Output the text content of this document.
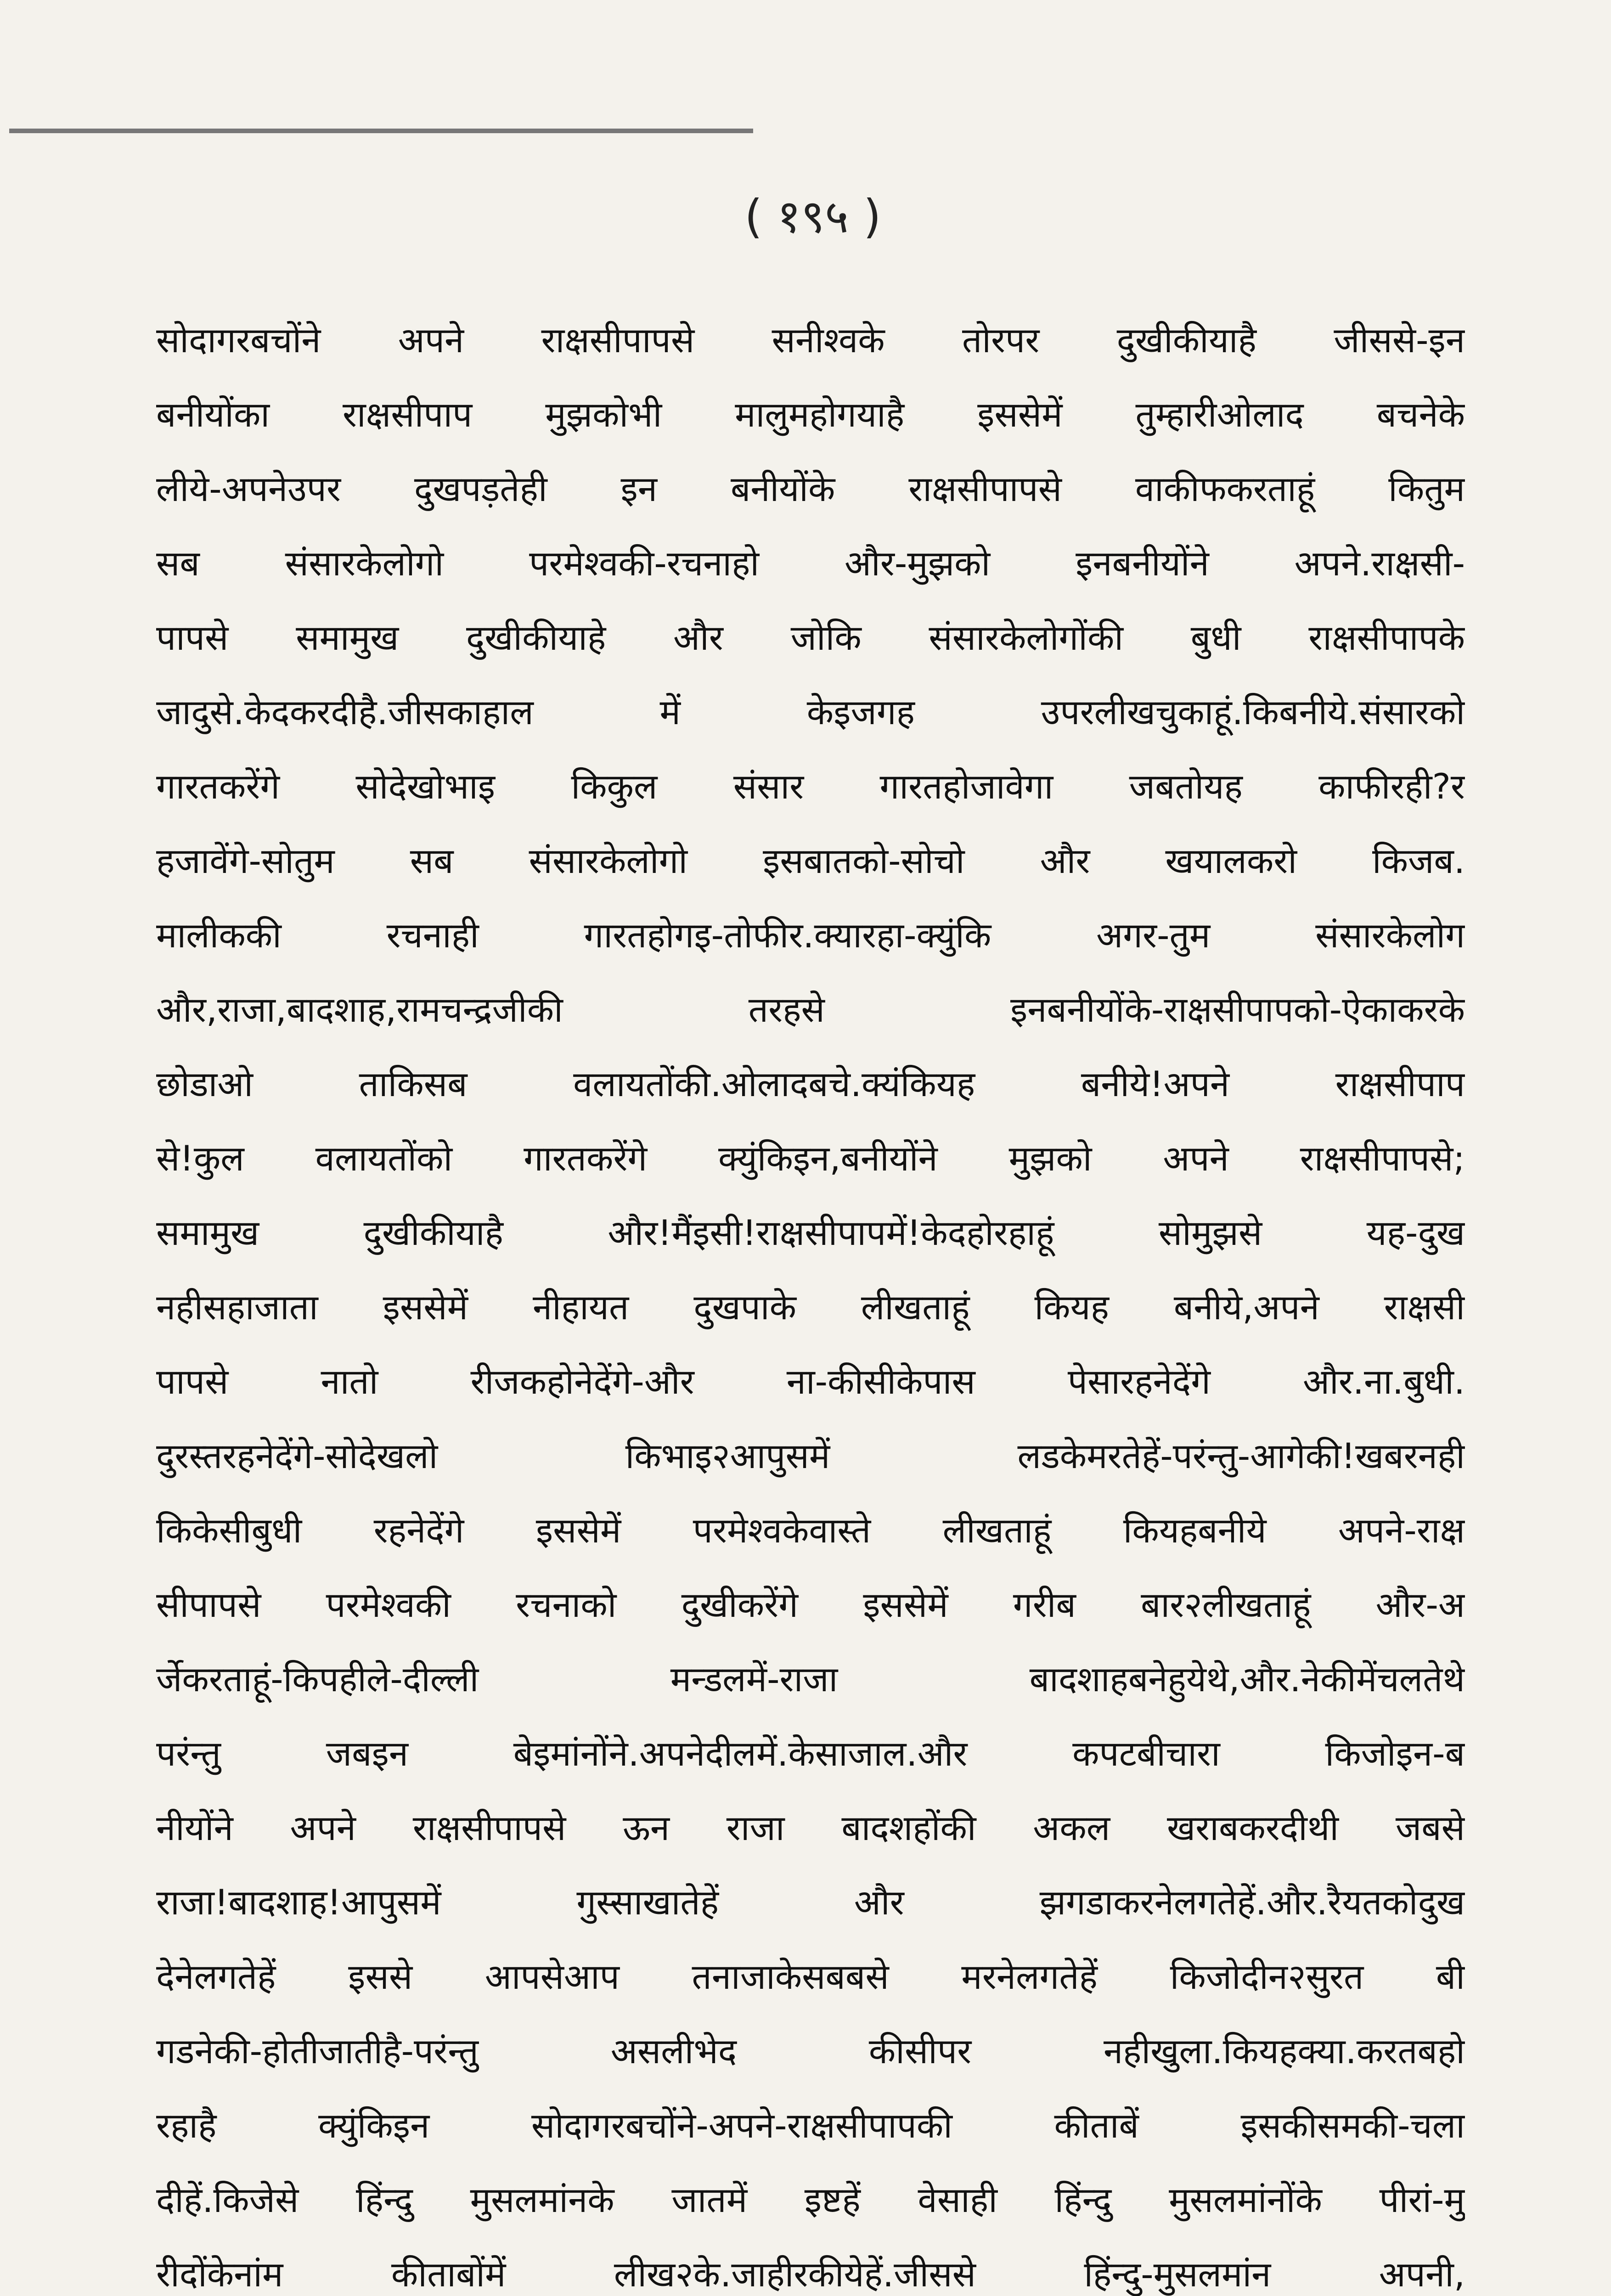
( १९५ )
सोदागरबचोंने अपने राक्षसीपापसे सनीश्वके तोरपर दुखीकीयाहै जीससे-इन
बनीयोंका राक्षसीपाप मुझकोभी मालुमहोगयाहै इससेमें तुम्हारीओलाद बचनेके
लीये-अपनेउपर दुखपड़तेही इन बनीयोंके राक्षसीपापसे वाकीफकरताहूं कितुम
सब संसारकेलोगो परमेश्वकी-रचनाहो और-मुझको इनबनीयोंने अपने.राक्षसी-
पापसे समामुख दुखीकीयाहे और जोकि संसारकेलोगोंकी बुधी राक्षसीपापके
जादुसे.केदकरदीहै.जीसकाहाल में केइजगह उपरलीखचुकाहूं.किबनीये.संसारको
गारतकरेंगे सोदेखोभाइ किकुल संसार गारतहोजावेगा जबतोयह काफीरही?र
हजावेंगे-सोतुम सब संसारकेलोगो इसबातको-सोचो और खयालकरो किजब.
मालीककी रचनाही गारतहोगइ-तोफीर.क्यारहा-क्युंकि अगर-तुम संसारकेलोग
और,राजा,बादशाह,रामचन्द्रजीकी तरहसे इनबनीयोंके-राक्षसीपापको-ऐकाकरके
छोडाओ ताकिसब वलायतोंकी.ओलादबचे.क्यंकियह बनीये!अपने राक्षसीपाप
से!कुल वलायतोंको गारतकरेंगे क्युंकिइन,बनीयोंने मुझको अपने राक्षसीपापसे;
समामुख दुखीकीयाहै और!मैंइसी!राक्षसीपापमें!केदहोरहाहूं सोमुझसे यह-दुख
नहीसहाजाता इससेमें नीहायत दुखपाके लीखताहूं कियह बनीये,अपने राक्षसी
पापसे नातो रीजकहोनेदेंगे-और ना-कीसीकेपास पेसारहनेदेंगे और.ना.बुधी.
दुरस्तरहनेदेंगे-सोदेखलो किभाइ२आपुसमें लडकेमरतेहें-परंन्तु-आगेकी!खबरनही
किकेसीबुधी रहनेदेंगे इससेमें परमेश्वकेवास्ते लीखताहूं कियहबनीये अपने-राक्ष
सीपापसे परमेश्वकी रचनाको दुखीकरेंगे इससेमें गरीब बार२लीखताहूं और-अ
र्जेकरताहूं-किपहीले-दील्ली मन्डलमें-राजा बादशाहबनेहुयेथे,और.नेकीमेंचलतेथे
परंन्तु जबइन बेइमांनोंने.अपनेदीलमें.केसाजाल.और कपटबीचारा किजोइन-ब
नीयोंने अपने राक्षसीपापसे ऊन राजा बादशहोंकी अकल खराबकरदीथी जबसे
राजा!बादशाह!आपुसमें गुस्साखातेहें और झगडाकरनेलगतेहें.और.रैयतकोदुख
देनेलगतेहें इससे आपसेआप तनाजाकेसबबसे मरनेलगतेहें किजोदीन२सुरत बी
गडनेकी-होतीजातीहै-परंन्तु असलीभेद कीसीपर नहीखुला.कियहक्या.करतबहो
रहाहै क्युंकिइन सोदागरबचोंने-अपने-राक्षसीपापकी कीताबें इसकीसमकी-चला
दीहें.किजेसे हिंन्दु मुसलमांनके जातमें इष्टहें वेसाही हिंन्दु मुसलमांनोंके पीरां-मु
रीदोंकेनांम कीताबोंमें लीख२के.जाहीरकीयेहें.जीससे हिंन्दु-मुसलमांन अपनी,
